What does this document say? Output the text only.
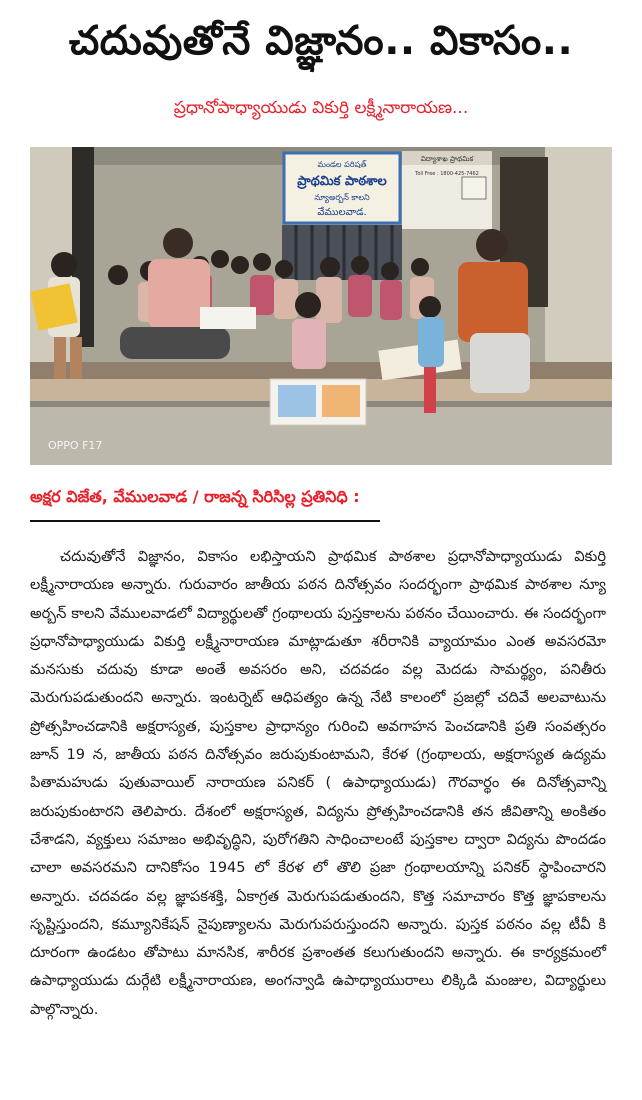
చదువుతోనే విజ్ఞానం.. వికాసం..
ప్రధానోపాధ్యాయుడు వికుర్తి లక్ష్మీనారాయణ...
మండల పరిషత్
ప్రాథమిక పాఠశాల
న్యూఅర్బన్ కాలని
వేములవాడ.
విద్యాశాఖ ప్రాథమిక
Toll Free : 1800-425-7462
OPPO F17
అక్షర విజేత, వేములవాడ / రాజన్న సిరిసిల్ల ప్రతినిధి :
చదువుతోనే విజ్ఞానం, వికాసం లభిస్తాయని ప్రాథమిక పాఠశాల ప్రధానోపాధ్యాయుడు వికుర్తి లక్ష్మీనారాయణ అన్నారు. గురువారం జాతీయ పఠన దినోత్సవం సందర్భంగా ప్రాథమిక పాఠశాల న్యూ అర్బన్ కాలని వేములవాడలో విద్యార్థులతో గ్రంథాలయ పుస్తకాలను పఠనం చేయించారు. ఈ సందర్భంగా ప్రధానోపాధ్యాయుడు వికుర్తి లక్ష్మీనారాయణ మాట్లాడుతూ శరీరానికి వ్యాయామం ఎంత అవసరమో మనసుకు చదువు కూడా అంతే అవసరం అని, చదవడం వల్ల మెదడు సామర్థ్యం, పనితీరు మెరుగుపడుతుందని అన్నారు. ఇంటర్నెట్ ఆధిపత్యం ఉన్న నేటి కాలంలో ప్రజల్లో చదివే అలవాటును ప్రోత్సహించడానికి అక్షరాస్యత, పుస్తకాల ప్రాధాన్యం గురించి అవగాహన పెంచడానికి ప్రతి సంవత్సరం జూన్ 19 న, జాతీయ పఠన దినోత్సవం జరుపుకుంటామని, కేరళ (గ్రంథాలయ, అక్షరాస్యత ఉద్యమ పితామహుడు పుతువాయిల్ నారాయణ పనికర్ ( ఉపాధ్యాయుడు) గౌరవార్థం ఈ దినోత్సవాన్ని జరుపుకుంటారని తెలిపారు. దేశంలో అక్షరాస్యత, విద్యను ప్రోత్సహించడానికి తన జీవితాన్ని అంకితం చేశాడని, వ్యక్తులు సమాజం అభివృద్ధిని, పురోగతిని సాధించాలంటే పుస్తకాల ద్వారా విద్యను పొందడం చాలా అవసరమని దానికోసం 1945 లో కేరళ లో తొలి ప్రజా గ్రంథాలయాన్ని పనికర్ స్థాపించారని అన్నారు. చదవడం వల్ల జ్ఞాపకశక్తి, ఏకాగ్రత మెరుగుపడుతుందని, కొత్త సమాచారం కొత్త జ్ఞాపకాలను సృష్టిస్తుందని, కమ్యూనికేషన్ నైపుణ్యాలను మెరుగుపరుస్తుందని అన్నారు. పుస్తక పఠనం వల్ల టీవీ కి దూరంగా ఉండటం తోపాటు మానసిక, శారీరక ప్రశాంతత కలుగుతుందని అన్నారు. ఈ కార్యక్రమంలో ఉపాధ్యాయుడు దుర్గేటి లక్ష్మీనారాయణ, అంగన్వాడి ఉపాధ్యాయురాలు లిక్కిడి మంజుల, విద్యార్థులు పాల్గొన్నారు.
